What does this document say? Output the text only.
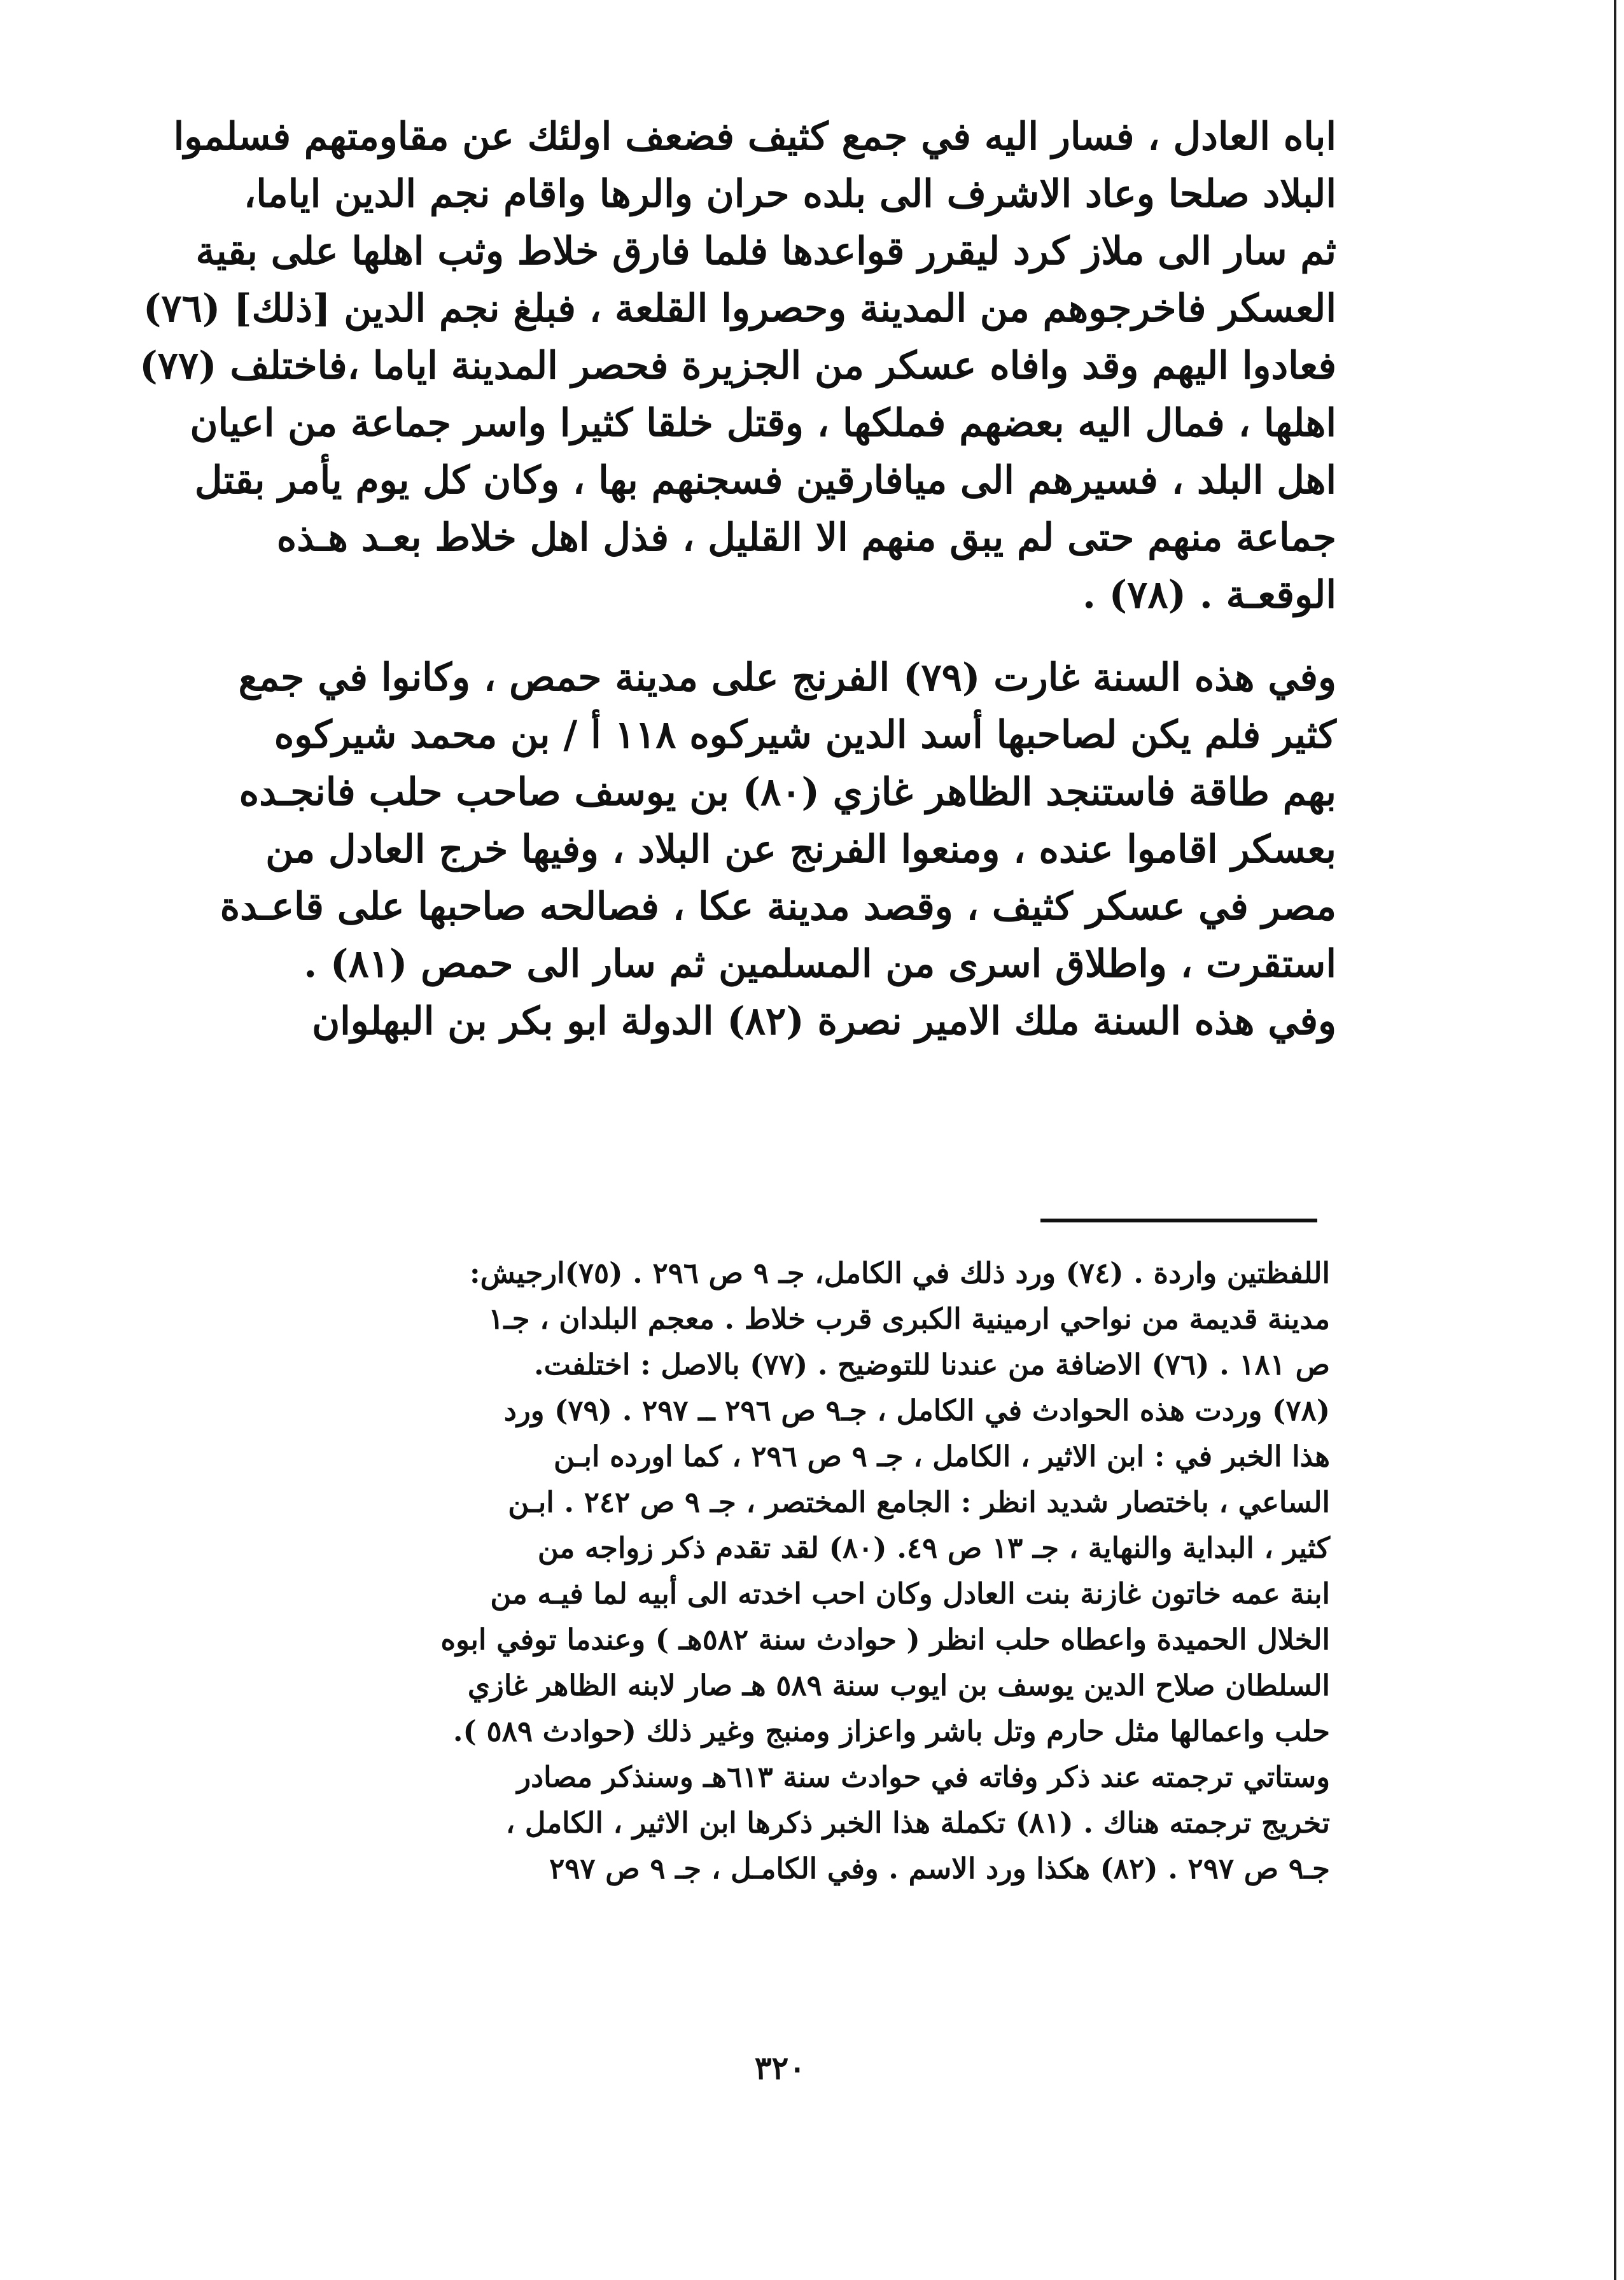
اباه العادل ، فسار اليه في جمع كثيف فضعف اولئك عن مقاومتهم فسلموا
البلاد صلحا وعاد الاشرف الى بلده حران والرها واقام نجم الدين اياما،
ثم سار الى ملاز كرد ليقرر قواعدها فلما فارق خلاط وثب اهلها على بقية
العسكر فاخرجوهم من المدينة وحصروا القلعة ، فبلغ نجم الدين [ذلك] (٧٦)
فعادوا اليهم وقد وافاه عسكر من الجزيرة فحصر المدينة اياما ،فاختلف (٧٧)
اهلها ، فمال اليه بعضهم فملكها ، وقتل خلقا كثيرا واسر جماعة من اعيان
اهل البلد ، فسيرهم الى ميافارقين فسجنهم بها ، وكان كل يوم يأمر بقتل
جماعة منهم حتى لم يبق منهم الا القليل ، فذل اهل خلاط بعـد هـذه
الوقعـة . (٧٨) .
وفي هذه السنة غارت (٧٩) الفرنج على مدينة حمص ، وكانوا في جمع
كثير فلم يكن لصاحبها أسد الدين شيركوه ١١٨ أ / بن محمد شيركوه
بهم طاقة فاستنجد الظاهر غازي (٨٠) بن يوسف صاحب حلب فانجـده
بعسكر اقاموا عنده ، ومنعوا الفرنج عن البلاد ، وفيها خرج العادل من
مصر في عسكر كثيف ، وقصد مدينة عكا ، فصالحه صاحبها على قاعـدة
استقرت ، واطلاق اسرى من المسلمين ثم سار الى حمص (٨١) .
وفي هذه السنة ملك الامير نصرة (٨٢) الدولة ابو بكر بن البهلوان
اللفظتين واردة . (٧٤) ورد ذلك في الكامل، جـ ٩ ص ٢٩٦ . (٧٥)ارجيش:
مدينة قديمة من نواحي ارمينية الكبرى قرب خلاط . معجم البلدان ، جـ١
ص ١٨١ . (٧٦) الاضافة من عندنا للتوضيح . (٧٧) بالاصل : اختلفت.
(٧٨) وردت هذه الحوادث في الكامل ، جـ٩ ص ٢٩٦ ــ ٢٩٧ . (٧٩) ورد
هذا الخبر في : ابن الاثير ، الكامل ، جـ ٩ ص ٢٩٦ ، كما اورده ابـن
الساعي ، باختصار شديد انظر : الجامع المختصر ، جـ ٩ ص ٢٤٢ . ابـن
كثير ، البداية والنهاية ، جـ ١٣ ص ٤٩. (٨٠) لقد تقدم ذكر زواجه من
ابنة عمه خاتون غازنة بنت العادل وكان احب اخدته الى أبيه لما فيـه من
الخلال الحميدة واعطاه حلب انظر ( حوادث سنة ٥٨٢هـ ) وعندما توفي ابوه
السلطان صلاح الدين يوسف بن ايوب سنة ٥٨٩ هـ صار لابنه الظاهر غازي
حلب واعمالها مثل حارم وتل باشر واعزاز ومنبج وغير ذلك (حوادث ٥٨٩ ).
وستاتي ترجمته عند ذكر وفاته في حوادث سنة ٦١٣هـ وسنذكر مصادر
تخريج ترجمته هناك . (٨١) تكملة هذا الخبر ذكرها ابن الاثير ، الكامل ،
جـ٩ ص ٢٩٧ . (٨٢) هكذا ورد الاسم . وفي الكامـل ، جـ ٩ ص ٢٩٧
٣٢٠
